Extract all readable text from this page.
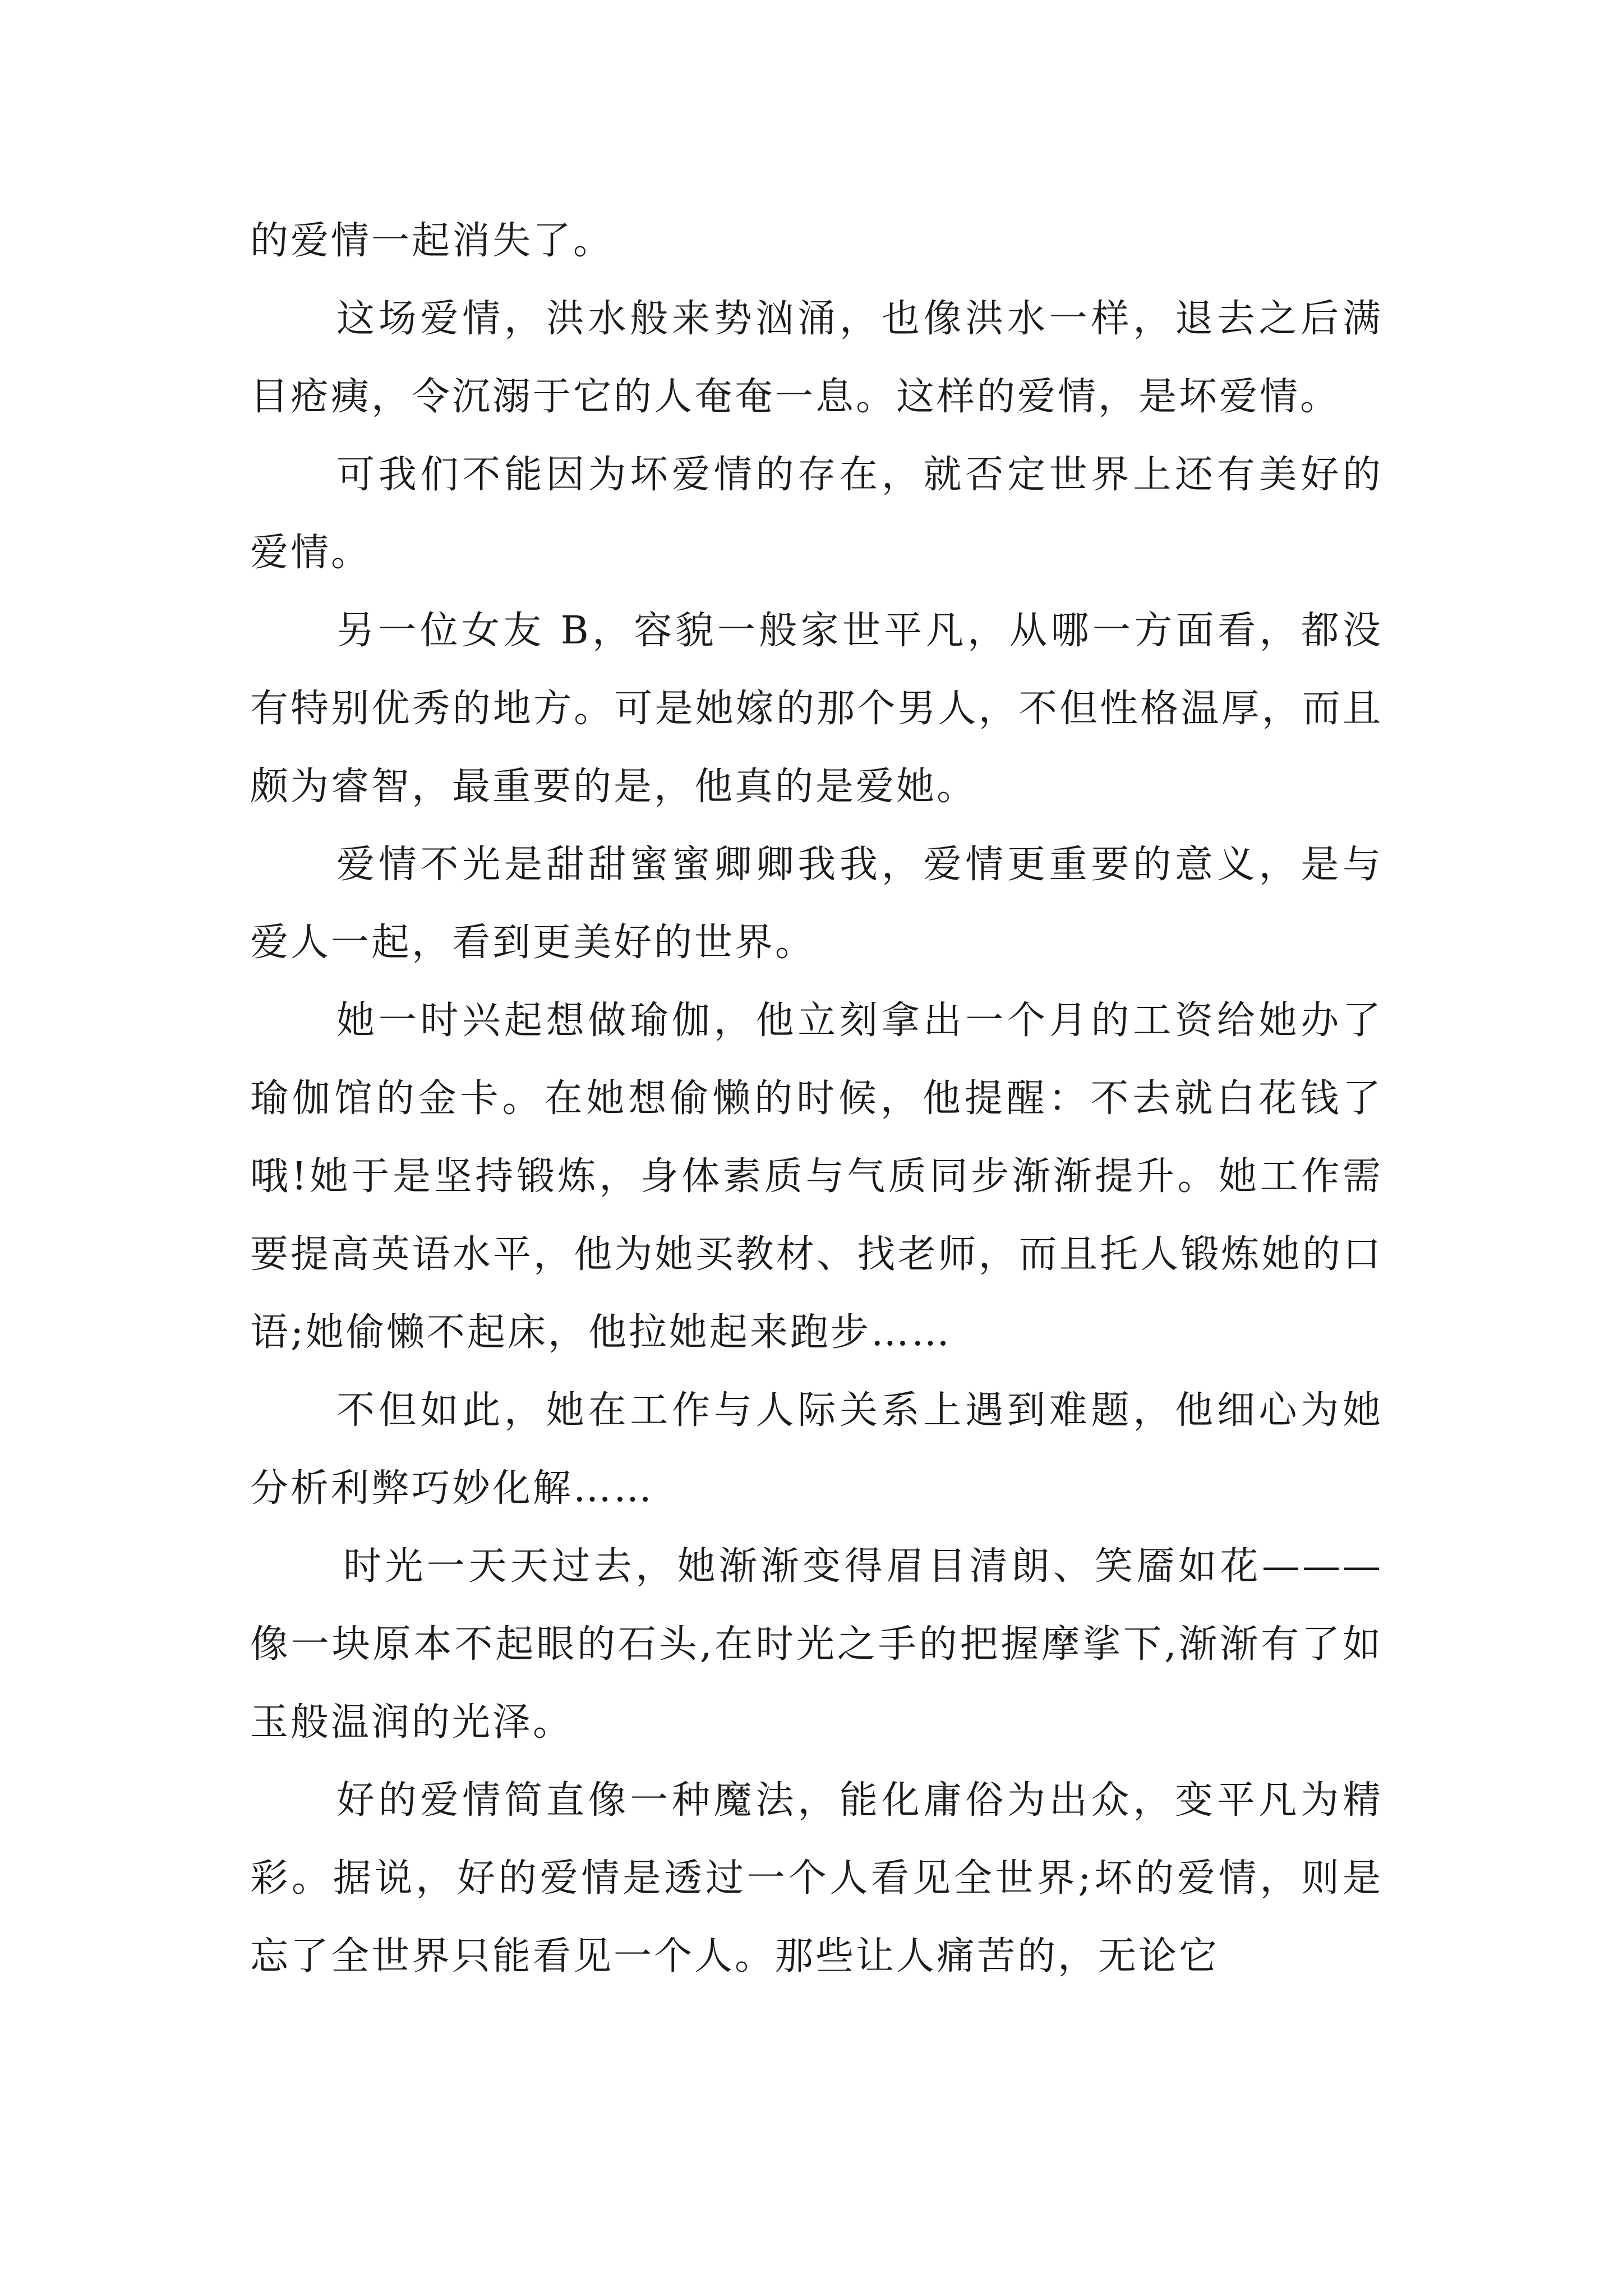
的爱情一起消失了。

这场爱情，洪水般来势汹涌，也像洪水一样，退去之后满目疮痍，令沉溺于它的人奄奄一息。这样的爱情，是坏爱情。

可我们不能因为坏爱情的存在，就否定世界上还有美好的爱情。

另一位女友 B，容貌一般家世平凡，从哪一方面看，都没有特别优秀的地方。可是她嫁的那个男人，不但性格温厚，而且颇为睿智，最重要的是，他真的是爱她。

爱情不光是甜甜蜜蜜卿卿我我，爱情更重要的意义，是与爱人一起，看到更美好的世界。

她一时兴起想做瑜伽，他立刻拿出一个月的工资给她办了瑜伽馆的金卡。在她想偷懒的时候，他提醒：不去就白花钱了哦!她于是坚持锻炼，身体素质与气质同步渐渐提升。她工作需要提高英语水平，他为她买教材、找老师，而且托人锻炼她的口语;她偷懒不起床，他拉她起来跑步……

不但如此，她在工作与人际关系上遇到难题，他细心为她分析利弊巧妙化解……

时光一天天过去，她渐渐变得眉目清朗、笑靥如花———像一块原本不起眼的石头,在时光之手的把握摩挲下,渐渐有了如玉般温润的光泽。

好的爱情简直像一种魔法，能化庸俗为出众，变平凡为精彩。据说，好的爱情是透过一个人看见全世界;坏的爱情，则是忘了全世界只能看见一个人。那些让人痛苦的，无论它
